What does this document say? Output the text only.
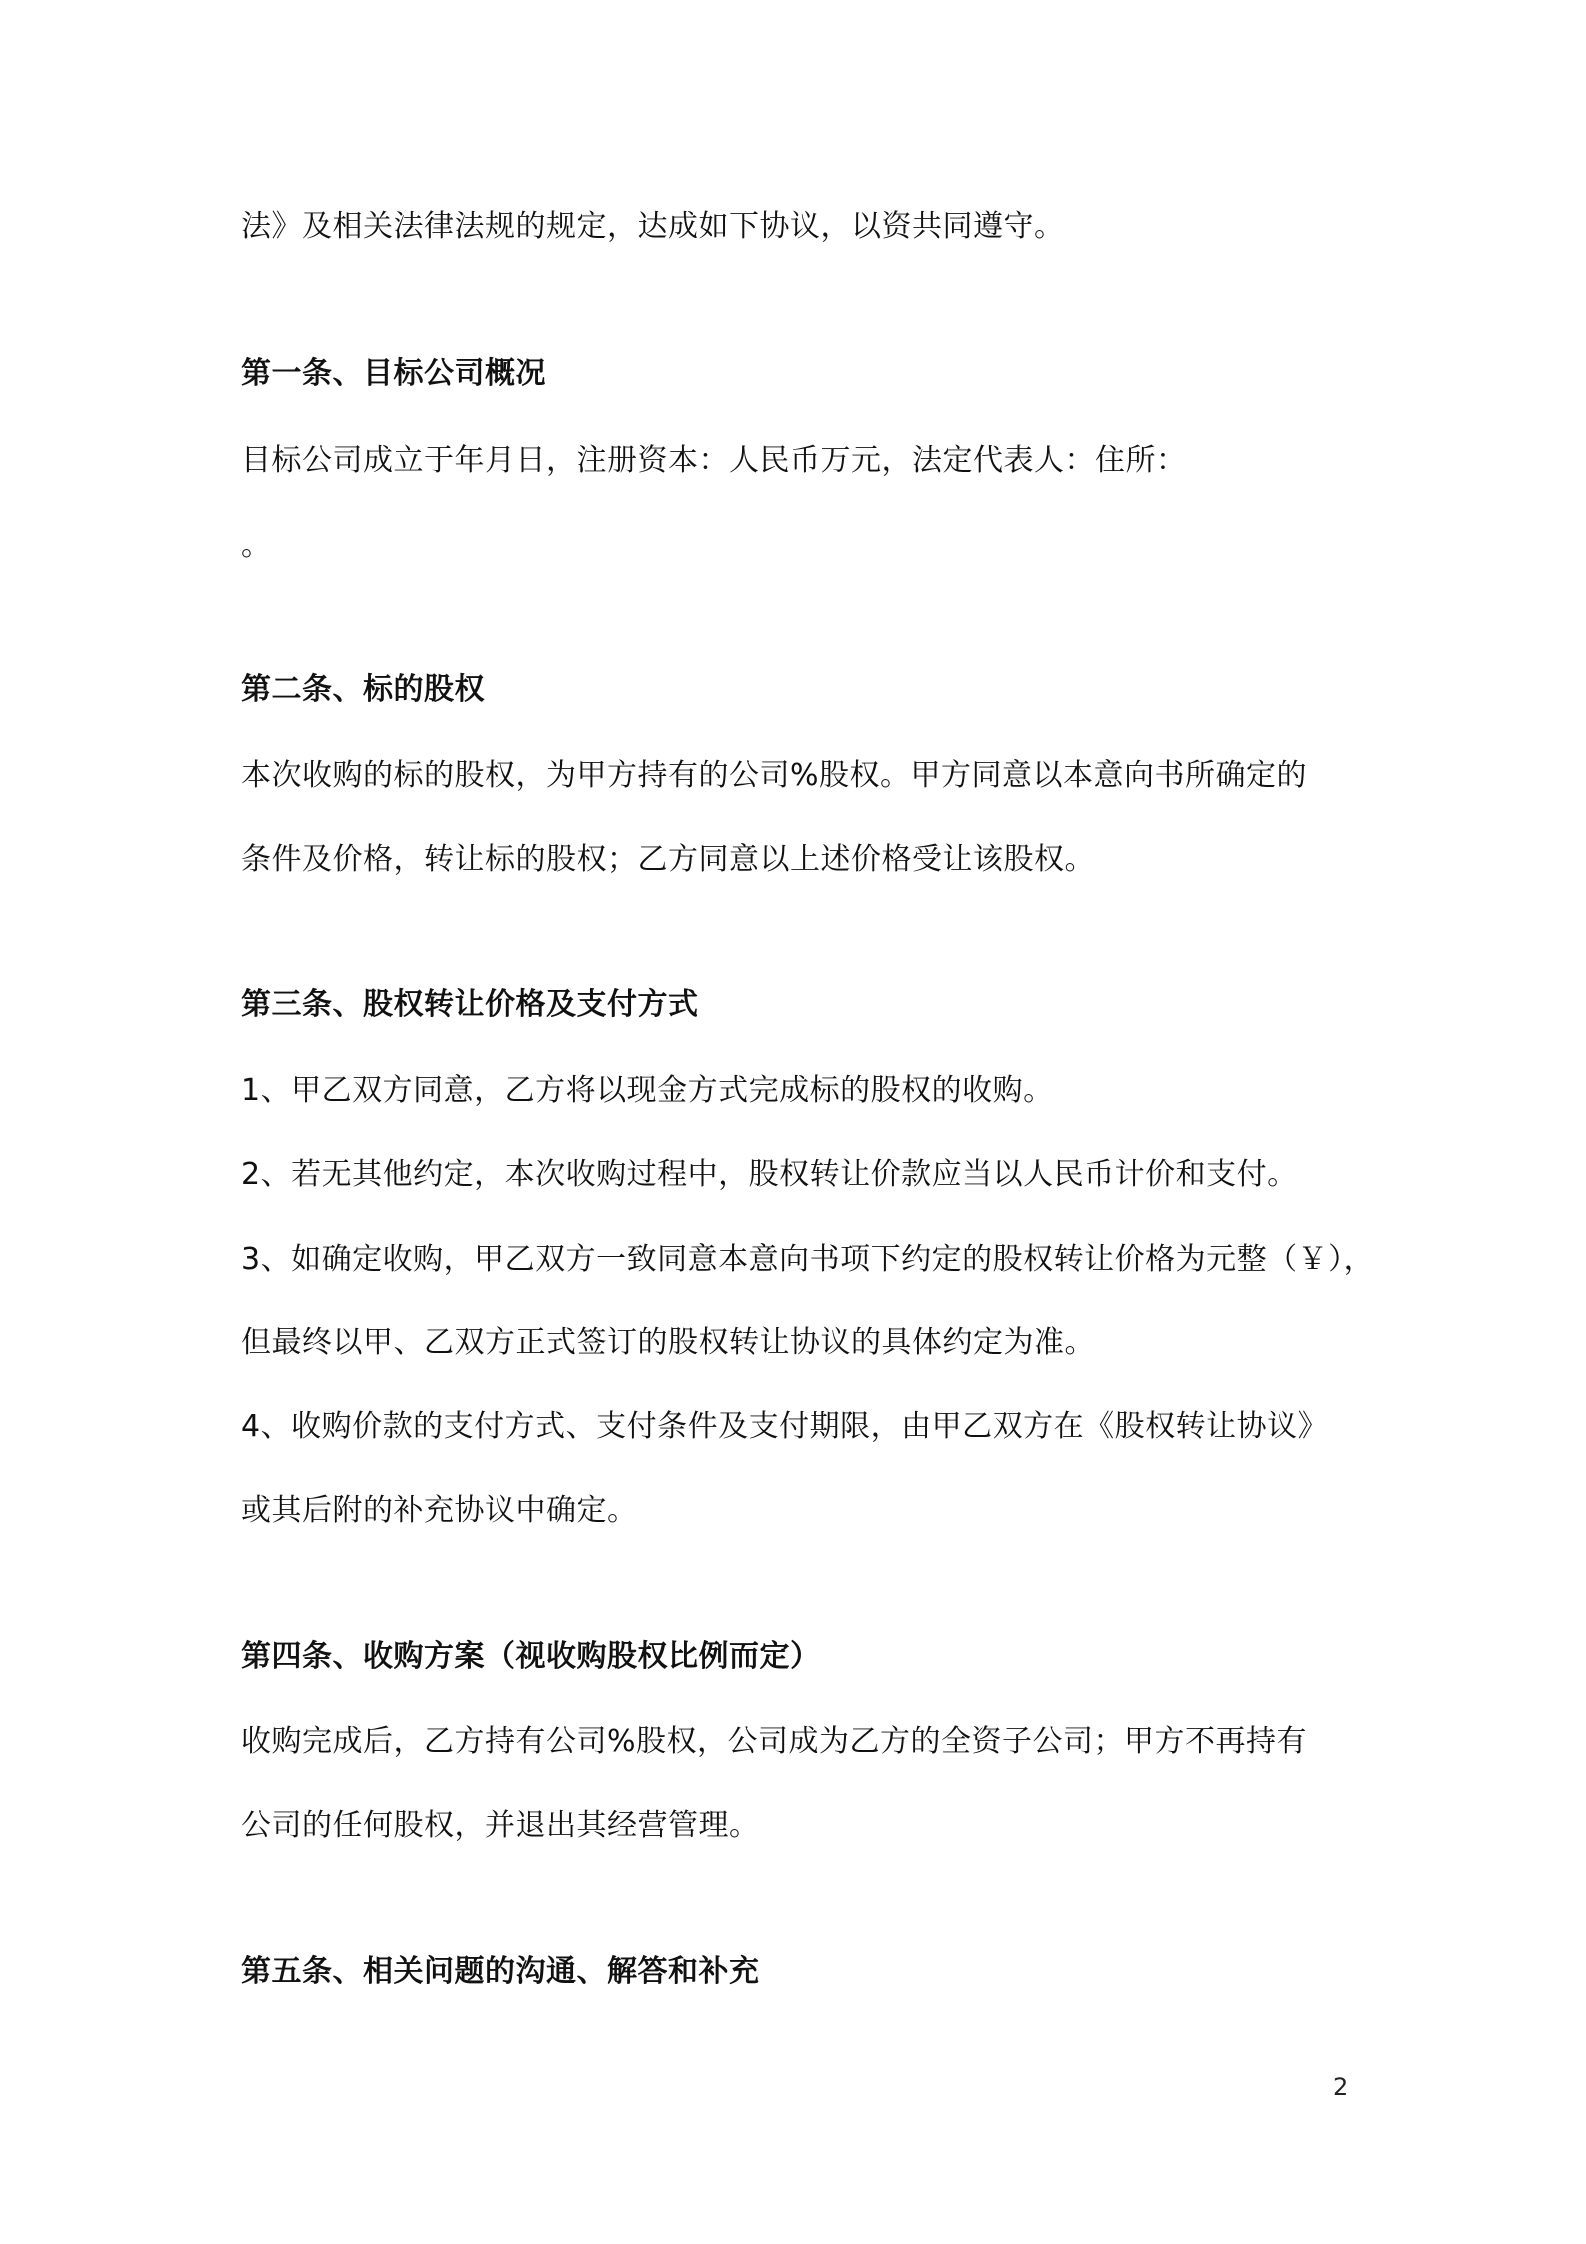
法》及相关法律法规的规定，达成如下协议，以资共同遵守。
第一条、目标公司概况
目标公司成立于年月日，注册资本：人民币万元，法定代表人：住所：
。
第二条、标的股权
本次收购的标的股权，为甲方持有的公司%股权。甲方同意以本意向书所确定的
条件及价格，转让标的股权；乙方同意以上述价格受让该股权。
第三条、股权转让价格及支付方式
1、甲乙双方同意，乙方将以现金方式完成标的股权的收购。
2、若无其他约定，本次收购过程中，股权转让价款应当以人民币计价和支付。
3、如确定收购，甲乙双方一致同意本意向书项下约定的股权转让价格为元整（￥），
但最终以甲、乙双方正式签订的股权转让协议的具体约定为准。
4、收购价款的支付方式、支付条件及支付期限，由甲乙双方在《股权转让协议》
或其后附的补充协议中确定。
第四条、收购方案（视收购股权比例而定）
收购完成后，乙方持有公司%股权，公司成为乙方的全资子公司；甲方不再持有
公司的任何股权，并退出其经营管理。
第五条、相关问题的沟通、解答和补充
2
